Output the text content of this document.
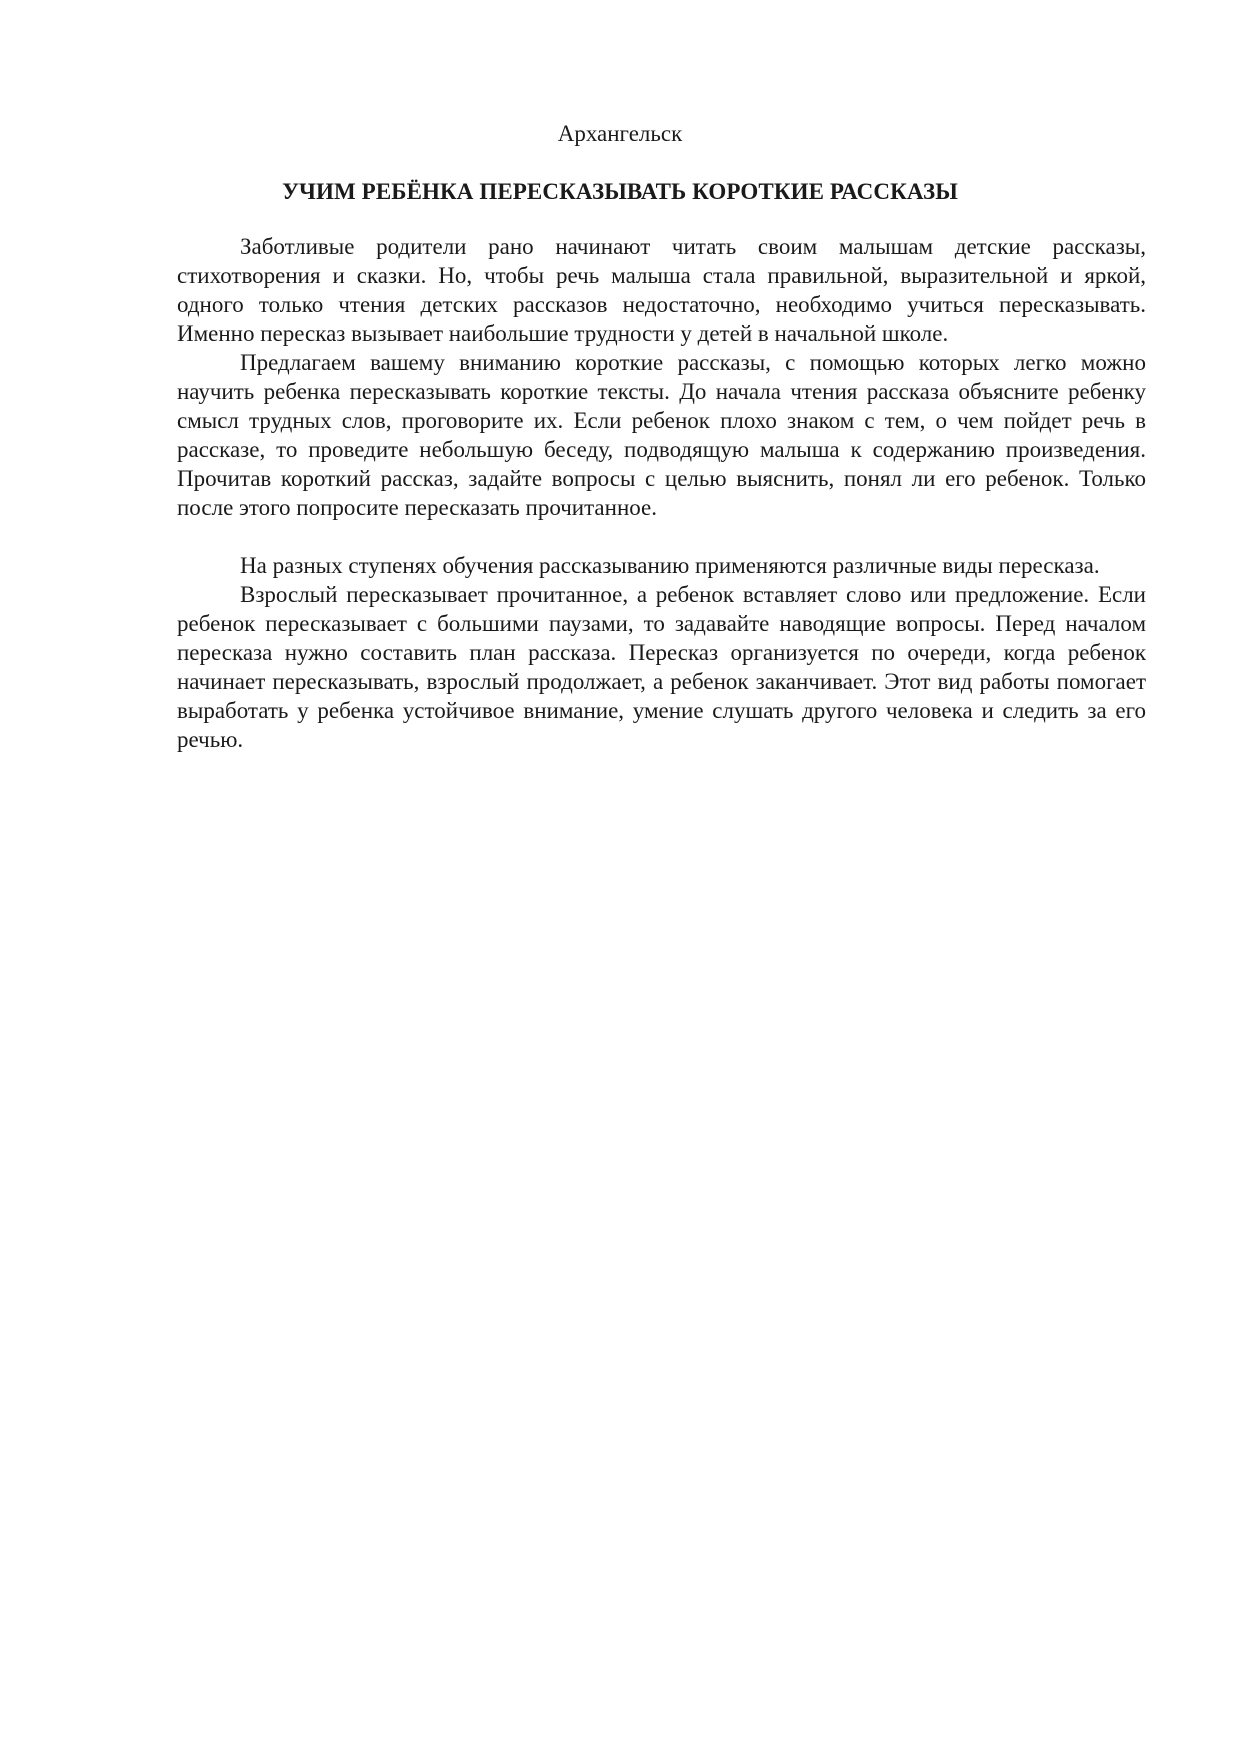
Архангельск
УЧИМ РЕБЁНКА ПЕРЕСКАЗЫВАТЬ КОРОТКИЕ РАССКАЗЫ

Заботливые родители рано начинают читать своим малышам детские рассказы, стихотворения и сказки. Но, чтобы речь малыша стала правильной, выразительной и яркой, одного только чтения детских рассказов недостаточно, необходимо учиться пересказывать. Именно пересказ вызывает наибольшие трудности у детей в начальной школе.

Предлагаем вашему вниманию короткие рассказы, с помощью которых легко можно научить ребенка пересказывать короткие тексты. До начала чтения рассказа объясните ребенку смысл трудных слов, проговорите их. Если ребенок плохо знаком с тем, о чем пойдет речь в рассказе, то проведите небольшую беседу, подводящую малыша к содержанию произведения. Прочитав короткий рассказ, задайте вопросы с целью выяснить, понял ли его ребенок. Только после этого попросите пересказать прочитанное.

На разных ступенях обучения рассказыванию применяются различные виды пересказа.

Взрослый пересказывает прочитанное, а ребенок вставляет слово или предложение. Если ребенок пересказывает с большими паузами, то задавайте наводящие вопросы. Перед началом пересказа нужно составить план рассказа. Пересказ организуется по очереди, когда ребенок начинает пересказывать, взрослый продолжает, а ребенок заканчивает. Этот вид работы помогает выработать у ребенка устойчивое внимание, умение слушать другого человека и следить за его речью.
